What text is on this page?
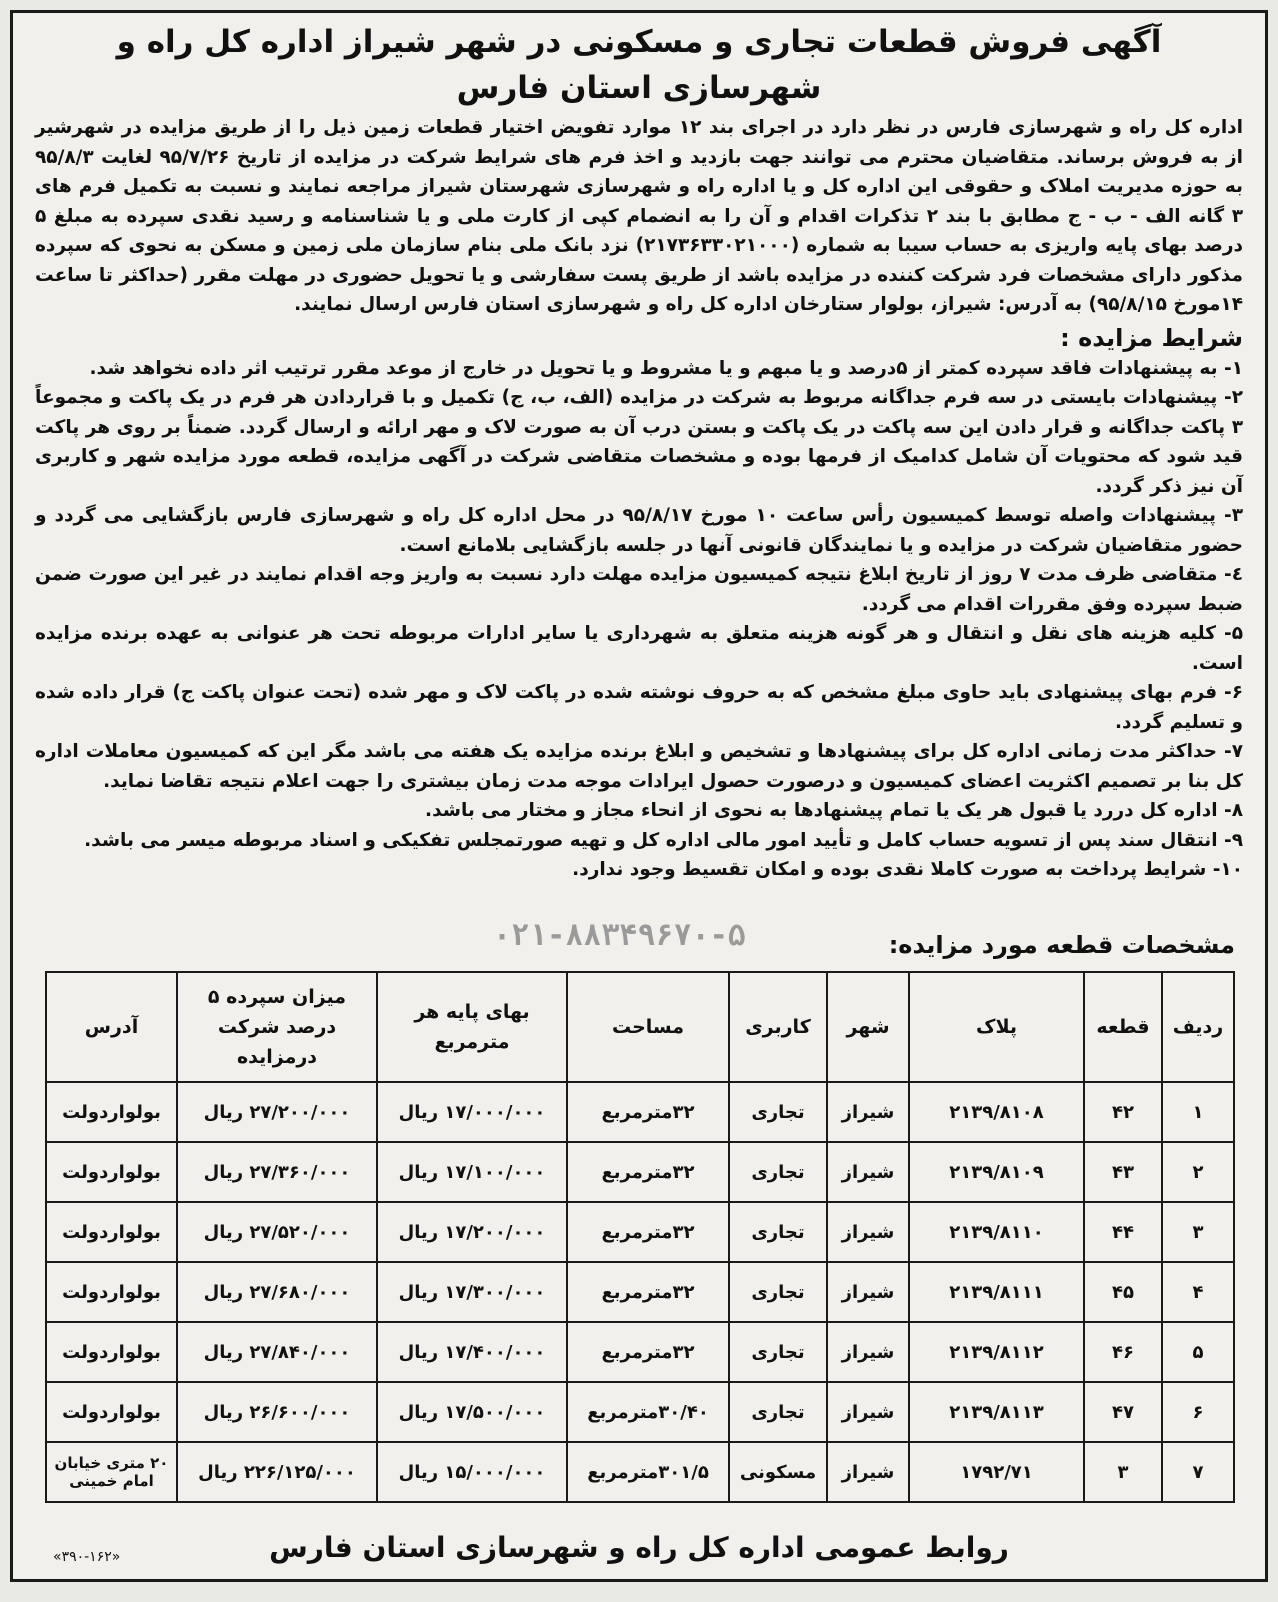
آگهی فروش قطعات تجاری و مسکونی در شهر شیراز اداره کل راه و شهرسازی استان فارس

اداره کل راه و شهرسازی فارس در نظر دارد در اجرای بند ۱۲ موارد تفویض اختیار قطعات زمین ذیل را از طریق مزایده در شهرشیر از به فروش برساند. متقاضیان محترم می توانند جهت بازدید و اخذ فرم های شرایط شرکت در مزایده از تاریخ ۹۵/۷/۲۶ لغایت ۹۵/۸/۳ به حوزه مدیریت املاک و حقوقی این اداره کل و یا اداره راه و شهرسازی شهرستان شیراز مراجعه نمایند و نسبت به تکمیل فرم های ۳ گانه الف - ب - ج مطابق با بند ۲ تذکرات اقدام و آن را به انضمام کپی از کارت ملی و یا شناسنامه و رسید نقدی سپرده به مبلغ ۵ درصد بهای پایه واریزی به حساب سیبا به شماره (۲۱۷۳۶۳۳۰۲۱۰۰۰) نزد بانک ملی بنام سازمان ملی زمین و مسکن به نحوی که سپرده مذکور دارای مشخصات فرد شرکت کننده در مزایده باشد از طریق پست سفارشی و یا تحویل حضوری در مهلت مقرر (حداکثر تا ساعت ۱۴مورخ ۹۵/۸/۱۵) به آدرس: شیراز، بولوار ستارخان اداره کل راه و شهرسازی استان فارس ارسال نمایند.

شرایط مزایده :

۱- به پیشنهادات فاقد سپرده کمتر از ۵درصد و یا مبهم و یا مشروط و یا تحویل در خارج از موعد مقرر ترتیب اثر داده نخواهد شد.

۲- پیشنهادات بایستی در سه فرم جداگانه مربوط به شرکت در مزایده (الف، ب، ج) تکمیل و با قراردادن هر فرم در یک پاکت و مجموعاً ۳ پاکت جداگانه و قرار دادن این سه پاکت در یک پاکت و بستن درب آن به صورت لاک و مهر ارائه و ارسال گردد. ضمناً بر روی هر پاکت قید شود که محتویات آن شامل کدامیک از فرمها بوده و مشخصات متقاضی شرکت در آگهی مزایده، قطعه مورد مزایده شهر و کاربری آن نیز ذکر گردد.

۳- پیشنهادات واصله توسط کمیسیون رأس ساعت ۱۰ مورخ ۹۵/۸/۱۷ در محل اداره کل راه و شهرسازی فارس بازگشایی می گردد و حضور متقاضیان شرکت در مزایده و یا نمایندگان قانونی آنها در جلسه بازگشایی بلامانع است.

٤- متقاضی ظرف مدت ۷ روز از تاریخ ابلاغ نتیجه کمیسیون مزایده مهلت دارد نسبت به واریز وجه اقدام نمایند در غیر این صورت ضمن ضبط سپرده وفق مقررات اقدام می گردد.

۵- کلیه هزینه های نقل و انتقال و هر گونه هزینه متعلق به شهرداری یا سایر ادارات مربوطه تحت هر عنوانی به عهده برنده مزایده است.

۶- فرم بهای پیشنهادی باید حاوی مبلغ مشخص که به حروف نوشته شده در پاکت لاک و مهر شده (تحت عنوان پاکت ج) قرار داده شده و تسلیم گردد.

۷- حداکثر مدت زمانی اداره کل برای پیشنهادها و تشخیص و ابلاغ برنده مزایده یک هفته می باشد مگر این که کمیسیون معاملات اداره کل بنا بر تصمیم اکثریت اعضای کمیسیون و درصورت حصول ایرادات موجه مدت زمان بیشتری را جهت اعلام نتیجه تقاضا نماید.

۸- اداره کل دررد یا قبول هر یک یا تمام پیشنهادها به نحوی از انحاء مجاز و مختار می باشد.

۹- انتقال سند پس از تسویه حساب کامل و تأیید امور مالی اداره کل و تهیه صورتمجلس تفکیکی و اسناد مربوطه میسر می باشد.

۱۰- شرایط پرداخت به صورت کاملا نقدی بوده و امکان تقسیط وجود ندارد.

۰۲۱-۸۸۳۴۹۶۷۰-۵	مشخصات قطعه مورد مزایده:
ردیف	قطعه	پلاک	شهر	کاربری	مساحت	بهای پایه هر مترمربع	میزان سپرده ۵ درصد شرکت درمزایده	آدرس
۱	۴۲	۲۱۳۹/۸۱۰۸	شیراز	تجاری	۳۲مترمربع	۱۷/۰۰۰/۰۰۰ ریال	۲۷/۲۰۰/۰۰۰ ریال	بولواردولت
۲	۴۳	۲۱۳۹/۸۱۰۹	شیراز	تجاری	۳۲مترمربع	۱۷/۱۰۰/۰۰۰ ریال	۲۷/۳۶۰/۰۰۰ ریال	بولواردولت
۳	۴۴	۲۱۳۹/۸۱۱۰	شیراز	تجاری	۳۲مترمربع	۱۷/۲۰۰/۰۰۰ ریال	۲۷/۵۲۰/۰۰۰ ریال	بولواردولت
۴	۴۵	۲۱۳۹/۸۱۱۱	شیراز	تجاری	۳۲مترمربع	۱۷/۳۰۰/۰۰۰ ریال	۲۷/۶۸۰/۰۰۰ ریال	بولواردولت
۵	۴۶	۲۱۳۹/۸۱۱۲	شیراز	تجاری	۳۲مترمربع	۱۷/۴۰۰/۰۰۰ ریال	۲۷/۸۴۰/۰۰۰ ریال	بولواردولت
۶	۴۷	۲۱۳۹/۸۱۱۳	شیراز	تجاری	۳۰/۴۰مترمربع	۱۷/۵۰۰/۰۰۰ ریال	۲۶/۶۰۰/۰۰۰ ریال	بولواردولت
۷	۳	۱۷۹۲/۷۱	شیراز	مسکونی	۳۰۱/۵مترمربع	۱۵/۰۰۰/۰۰۰ ریال	۲۲۶/۱۲۵/۰۰۰ ریال	۲۰ متری خیابان امام خمینی
روابط عمومی اداره کل راه و شهرسازی استان فارس
«۳۹۰-۱۶۲»
